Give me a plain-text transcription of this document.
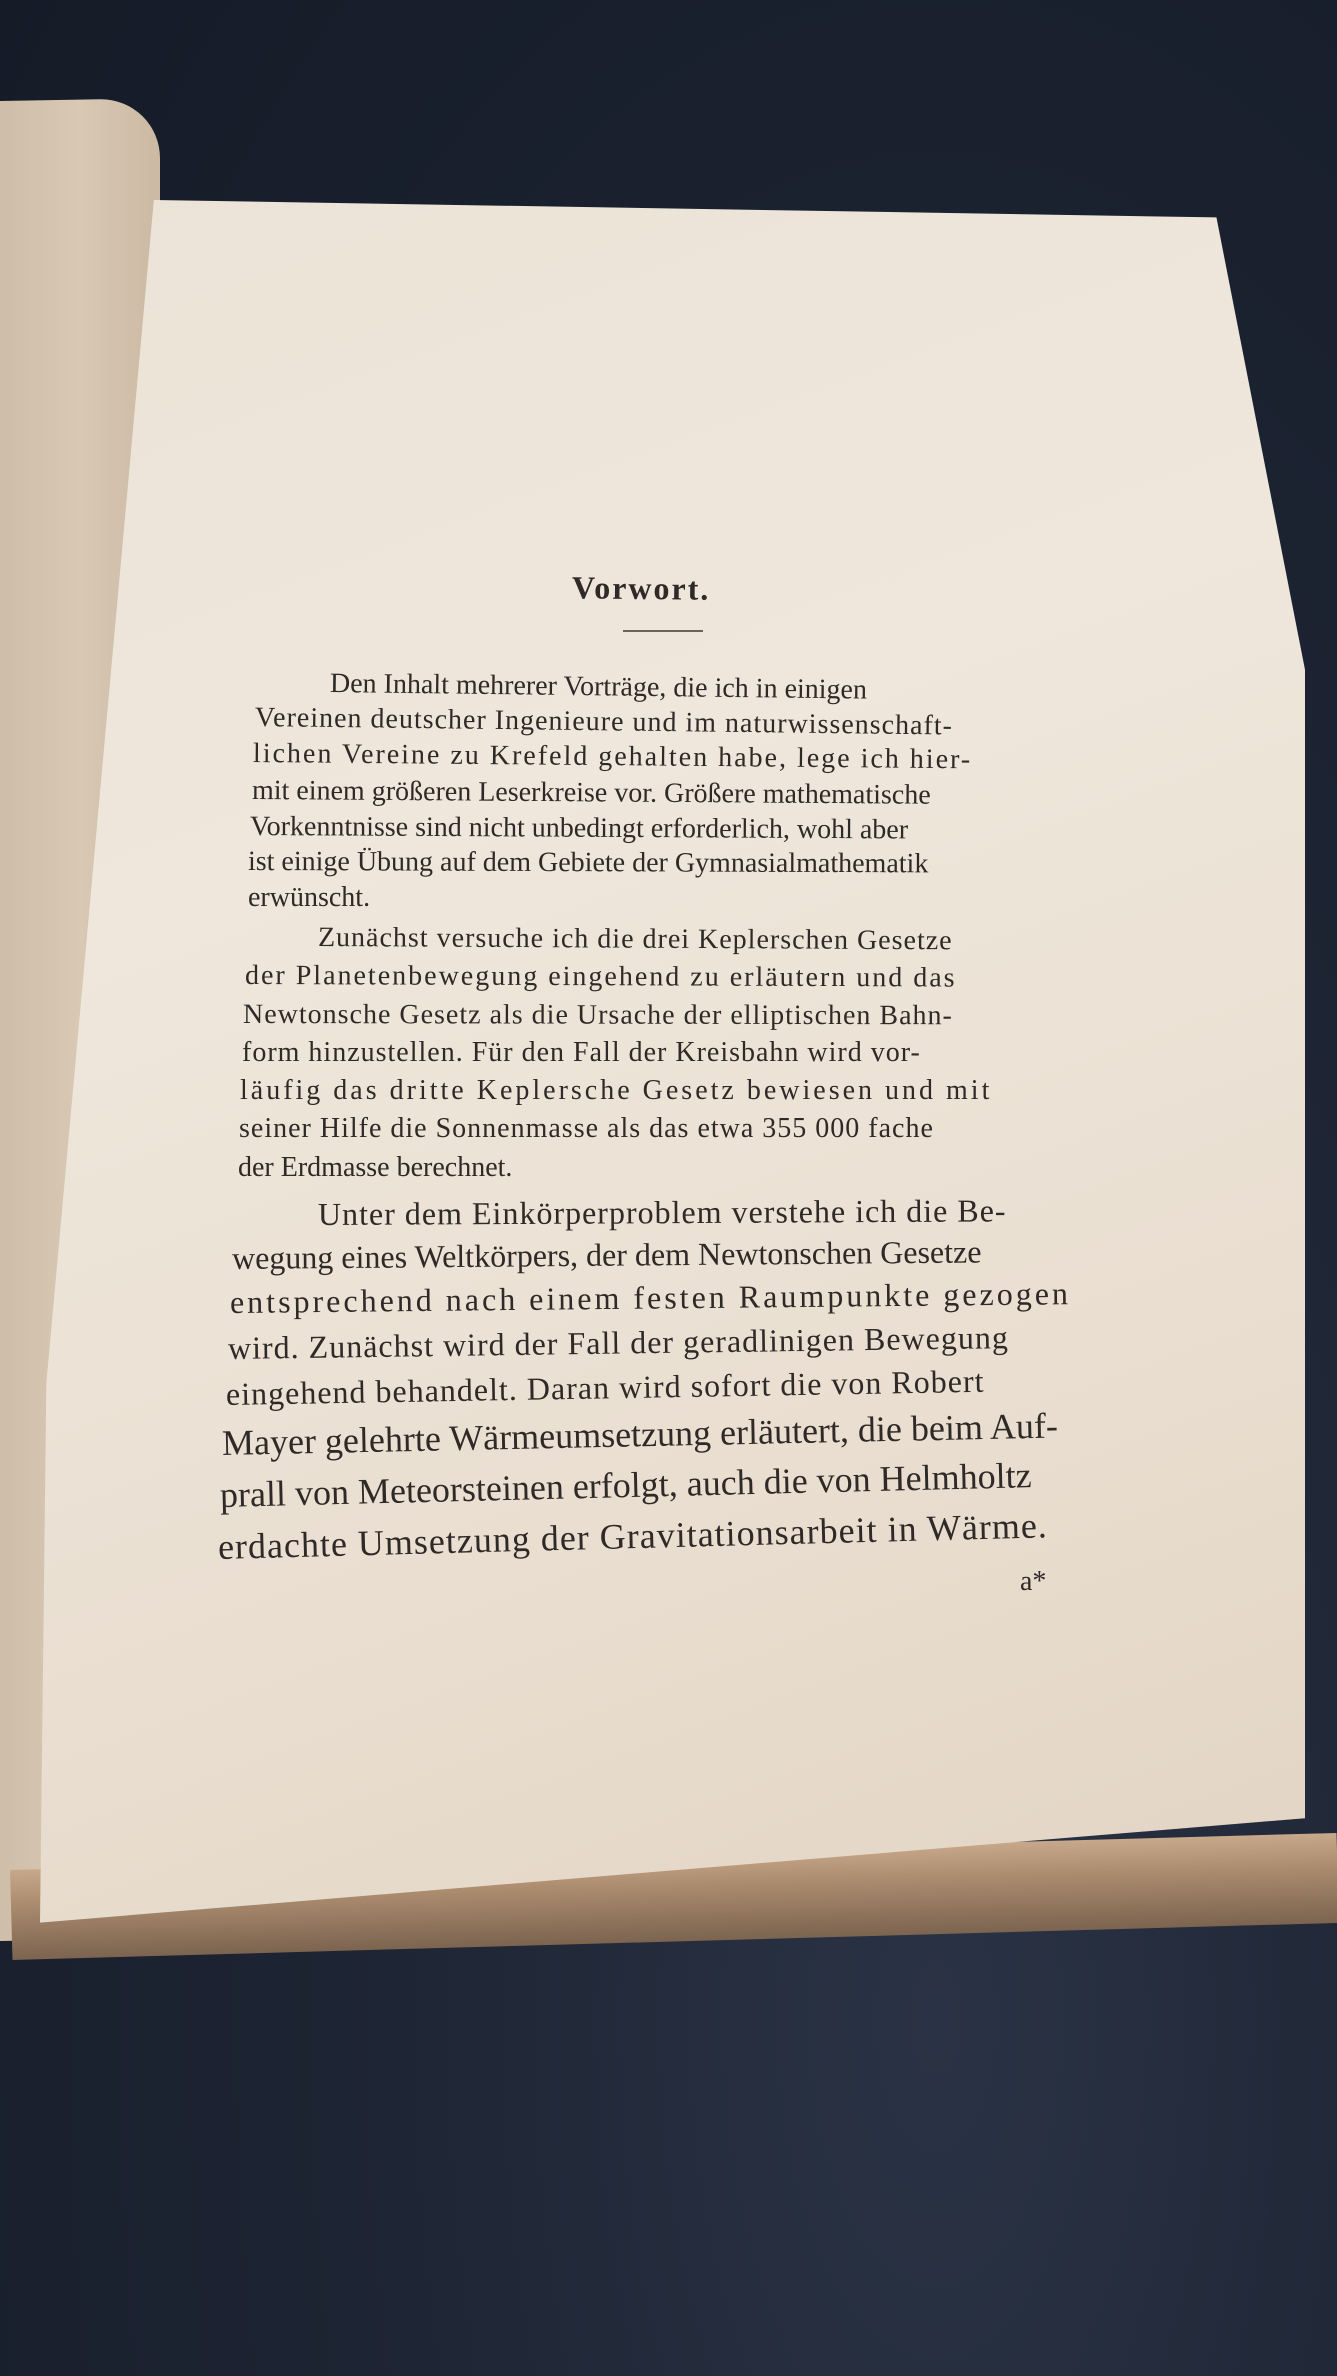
Vorwort.
Den Inhalt mehrerer Vorträge, die ich in einigen
Vereinen deutscher Ingenieure und im naturwissenschaft-
lichen Vereine zu Krefeld gehalten habe, lege ich hier-
mit einem größeren Leserkreise vor. Größere mathematische
Vorkenntnisse sind nicht unbedingt erforderlich, wohl aber
ist einige Übung auf dem Gebiete der Gymnasialmathematik
erwünscht.
Zunächst versuche ich die drei Keplerschen Gesetze
der Planetenbewegung eingehend zu erläutern und das
Newtonsche Gesetz als die Ursache der elliptischen Bahn-
form hinzustellen. Für den Fall der Kreisbahn wird vor-
läufig das dritte Keplersche Gesetz bewiesen und mit
seiner Hilfe die Sonnenmasse als das etwa 355 000 fache
der Erdmasse berechnet.
Unter dem Einkörperproblem verstehe ich die Be-
wegung eines Weltkörpers, der dem Newtonschen Gesetze
entsprechend nach einem festen Raumpunkte gezogen
wird. Zunächst wird der Fall der geradlinigen Bewegung
eingehend behandelt. Daran wird sofort die von Robert
Mayer gelehrte Wärmeumsetzung erläutert, die beim Auf-
prall von Meteorsteinen erfolgt, auch die von Helmholtz
erdachte Umsetzung der Gravitationsarbeit in Wärme.
a*
